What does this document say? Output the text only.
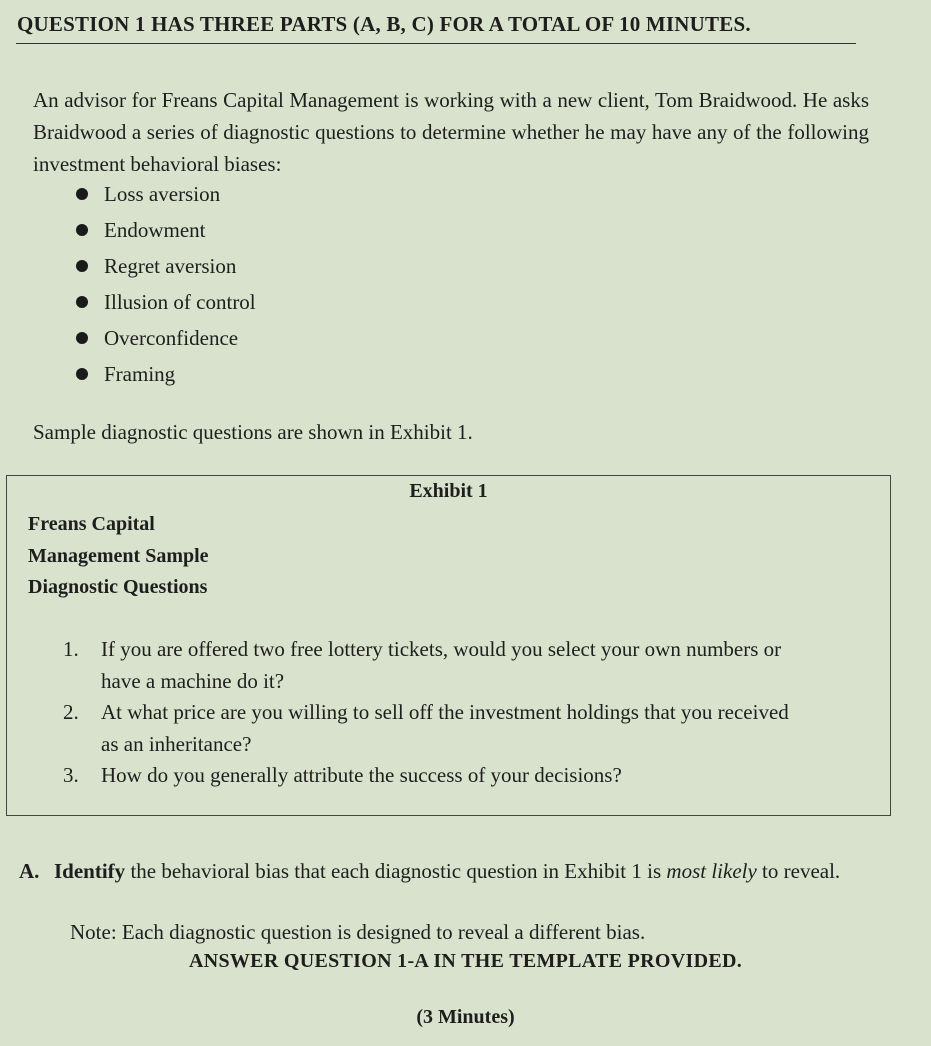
QUESTION 1 HAS THREE PARTS (A, B, C) FOR A TOTAL OF 10 MINUTES.
An advisor for Freans Capital Management is working with a new client, Tom Braidwood. He asks Braidwood a series of diagnostic questions to determine whether he may have any of the following investment behavioral biases:
Loss aversion
Endowment
Regret aversion
Illusion of control
Overconfidence
Framing
Sample diagnostic questions are shown in Exhibit 1.
Exhibit 1
Freans Capital
Management Sample
Diagnostic Questions
1. If you are offered two free lottery tickets, would you select your own numbers or have a machine do it?
2. At what price are you willing to sell off the investment holdings that you received as an inheritance?
3. How do you generally attribute the success of your decisions?
A. Identify the behavioral bias that each diagnostic question in Exhibit 1 is most likely to reveal.
Note: Each diagnostic question is designed to reveal a different bias.
ANSWER QUESTION 1-A IN THE TEMPLATE PROVIDED.
(3 Minutes)
